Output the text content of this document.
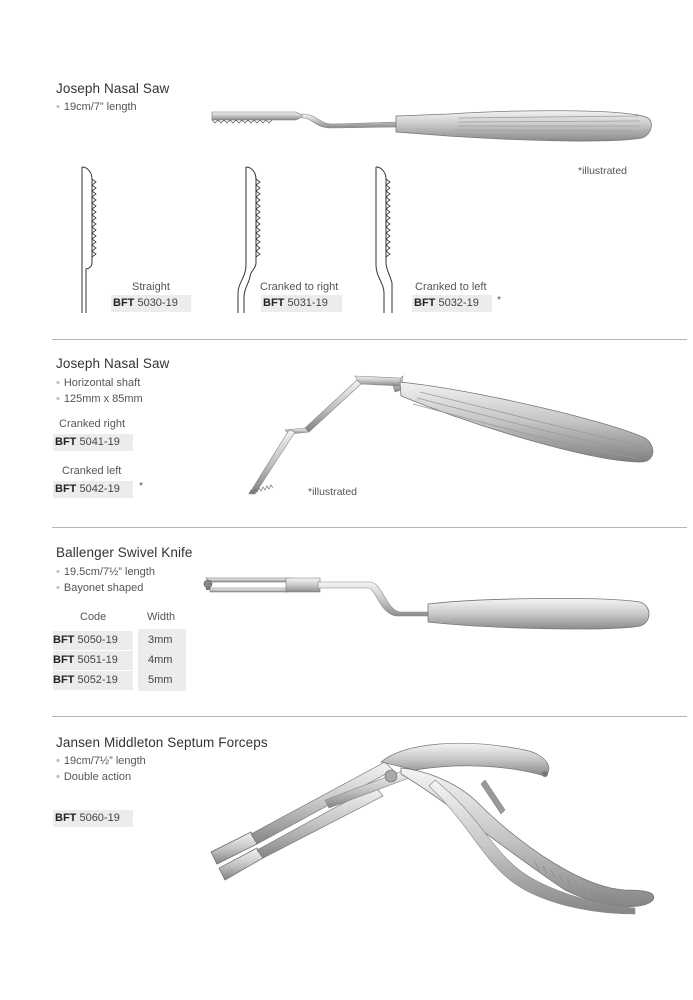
Joseph Nasal Saw
• 19cm/7” length
*illustrated
Straight
BFT 5030-19
Cranked to right
BFT 5031-19
Cranked to left
BFT 5032-19	*
Joseph Nasal Saw
• Horizontal shaft
• 125mm x 85mm
Cranked right
BFT 5041-19
Cranked left
BFT 5042-19	*	*illustrated
Ballenger Swivel Knife
• 19.5cm/7½” length
• Bayonet shaped
Code	Width
BFT 5050-19	3mm
BFT 5051-19	4mm
BFT 5052-19	5mm
Jansen Middleton Septum Forceps
• 19cm/7½” length
• Double action
BFT 5060-19
